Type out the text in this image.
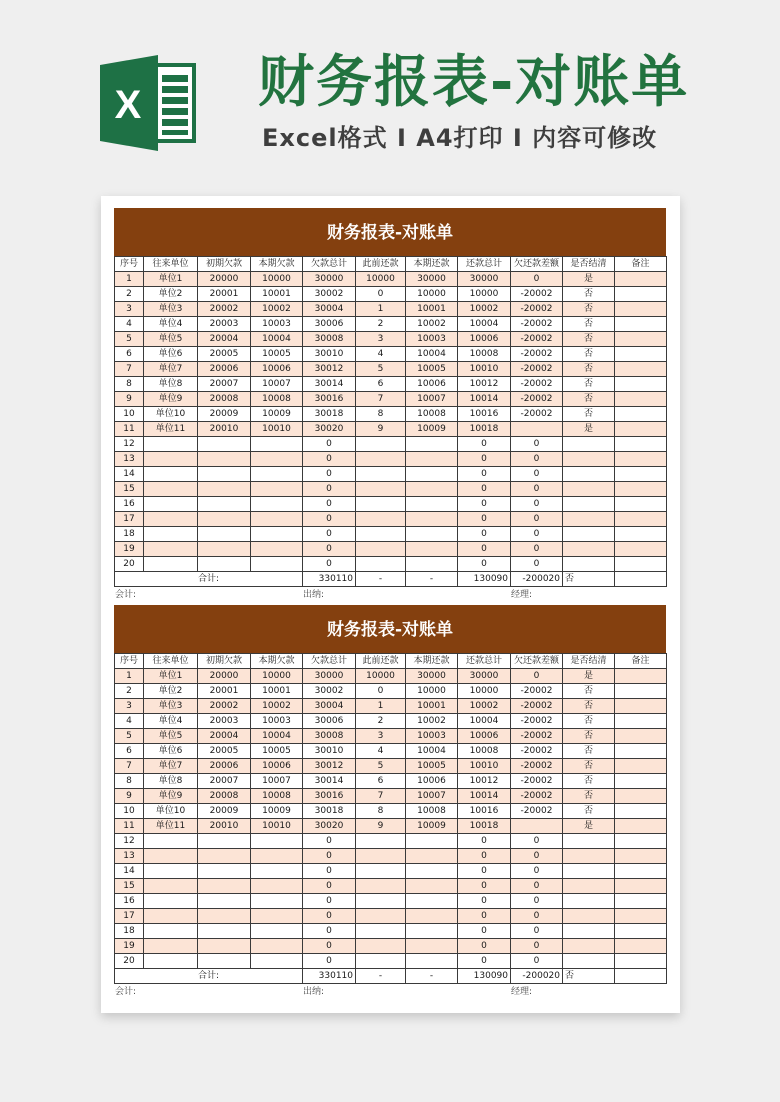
X 财务报表-对账单
Excel格式 I A4打印 I 内容可修改
财务报表-对账单
序号	往来单位	初期欠款	本期欠款	欠款总计	此前还款	本期还款	还款总计	欠还款差额	是否结清	备注
1	单位1	20000	10000	30000	10000	30000	30000	0	是	
2	单位2	20001	10001	30002	0	10000	10000	-20002	否	
3	单位3	20002	10002	30004	1	10001	10002	-20002	否	
4	单位4	20003	10003	30006	2	10002	10004	-20002	否	
5	单位5	20004	10004	30008	3	10003	10006	-20002	否	
6	单位6	20005	10005	30010	4	10004	10008	-20002	否	
7	单位7	20006	10006	30012	5	10005	10010	-20002	否	
8	单位8	20007	10007	30014	6	10006	10012	-20002	否	
9	单位9	20008	10008	30016	7	10007	10014	-20002	否	
10	单位10	20009	10009	30018	8	10008	10016	-20002	否	
11	单位11	20010	10010	30020	9	10009	10018		是	
12				0			0	0		
13				0			0	0		
14				0			0	0		
15				0			0	0		
16				0			0	0		
17				0			0	0		
18				0			0	0		
19				0			0	0		
20				0			0	0		
合计:				330110	-	-	130090	-200020	否	
会计:	出纳:	经理:
财务报表-对账单
序号	往来单位	初期欠款	本期欠款	欠款总计	此前还款	本期还款	还款总计	欠还款差额	是否结清	备注
1	单位1	20000	10000	30000	10000	30000	30000	0	是	
2	单位2	20001	10001	30002	0	10000	10000	-20002	否	
3	单位3	20002	10002	30004	1	10001	10002	-20002	否	
4	单位4	20003	10003	30006	2	10002	10004	-20002	否	
5	单位5	20004	10004	30008	3	10003	10006	-20002	否	
6	单位6	20005	10005	30010	4	10004	10008	-20002	否	
7	单位7	20006	10006	30012	5	10005	10010	-20002	否	
8	单位8	20007	10007	30014	6	10006	10012	-20002	否	
9	单位9	20008	10008	30016	7	10007	10014	-20002	否	
10	单位10	20009	10009	30018	8	10008	10016	-20002	否	
11	单位11	20010	10010	30020	9	10009	10018		是	
12				0			0	0		
13				0			0	0		
14				0			0	0		
15				0			0	0		
16				0			0	0		
17				0			0	0		
18				0			0	0		
19				0			0	0		
20				0			0	0		
合计:				330110	-	-	130090	-200020	否	
会计:	出纳:	经理:
